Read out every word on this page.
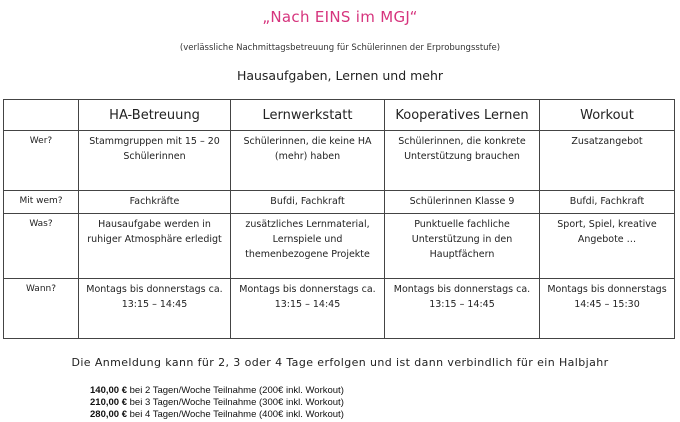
„Nach EINS im MGJ“
(verlässliche Nachmittagsbetreuung für Schülerinnen der Erprobungsstufe)
Hausaufgaben, Lernen und mehr
	HA-Betreuung	Lernwerkstatt	Kooperatives Lernen	Workout
Wer?	Stammgruppen mit 15 – 20 Schülerinnen	Schülerinnen, die keine HA (mehr) haben	Schülerinnen, die konkrete Unterstützung brauchen	Zusatzangebot
Mit wem?	Fachkräfte	Bufdi, Fachkraft	Schülerinnen Klasse 9	Bufdi, Fachkraft
Was?	Hausaufgabe werden in ruhiger Atmosphäre erledigt	zusätzliches Lernmaterial, Lernspiele und themenbezogene Projekte	Punktuelle fachliche Unterstützung in den Hauptfächern	Sport, Spiel, kreative Angebote …
Wann?	Montags bis donnerstags ca. 13:15 – 14:45	Montags bis donnerstags ca. 13:15 – 14:45	Montags bis donnerstags ca. 13:15 – 14:45	Montags bis donnerstags 14:45 – 15:30
Die Anmeldung kann für 2, 3 oder 4 Tage erfolgen und ist dann verbindlich für ein Halbjahr
140,00 € bei 2 Tagen/Woche Teilnahme (200€ inkl. Workout)
210,00 € bei 3 Tagen/Woche Teilnahme (300€ inkl. Workout)
280,00 € bei 4 Tagen/Woche Teilnahme (400€ inkl. Workout)
